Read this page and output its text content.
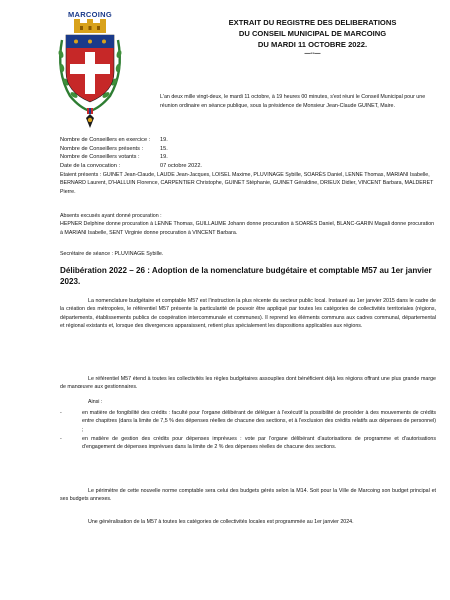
MARCOING
EXTRAIT DU REGISTRE DES DELIBERATIONS
DU CONSEIL MUNICIPAL DE MARCOING
DU MARDI 11 OCTOBRE 2022.
—--—
L'an deux mille vingt-deux, le mardi 11 octobre, à 19 heures 00 minutes, s'est réuni le Conseil Municipal pour une réunion ordinaire en séance publique, sous la présidence de Monsieur Jean-Claude GUINET, Maire.
Nombre de Conseillers en exercice : 19.
Nombre de Conseillers présents :	15.
Nombre de Conseillers votants :	19.
Date de la convocation :	07 octobre 2022.
Etaient présents : GUINET Jean-Claude, LAUDE Jean-Jacques, LOISEL Maxime, PLUVINAGE Sybille, SOARÈS Daniel, LENNE Thomas, MARIANI Isabelle, BERNARD Laurent, D'HALLUIN Florence, CARPENTIER Christophe, GUINET Stéphanie, GUINET Géraldine, DRIEUX Didier, VINCENT Barbara, MALDERET Pierre.
Absents excusés ayant donné procuration :
HEPNER Delphine donne procuration à LENNE Thomas, GUILLAUME Johann donne procuration à SOARÈS Daniel, BLANC-GARIN Magali donne procuration à MARIANI Isabelle, SENT Virginie donne procuration à VINCENT Barbara.
Secrétaire de séance : PLUVINAGE Sybille.
Délibération 2022 – 26 : Adoption de la nomenclature budgétaire et comptable M57 au 1er janvier 2023.
La nomenclature budgétaire et comptable M57 est l'instruction la plus récente du secteur public local. Instauré au 1er janvier 2015 dans le cadre de la création des métropoles, le référentiel M57 présente la particularité de pouvoir être appliqué par toutes les catégories de collectivités territoriales (régions, départements, établissements publics de coopération intercommunale et communes). Il reprend les éléments communs aux cadres communal, départemental et régional existants et, lorsque des divergences apparaissent, retient plus spécialement les dispositions applicables aux régions.
Le référentiel M57 étend à toutes les collectivités les règles budgétaires assouplies dont bénéficient déjà les régions offrant une plus grande marge de manœuvre aux gestionnaires.
Ainsi :
-	en matière de fongibilité des crédits : faculté pour l'organe délibérant de déléguer à l'exécutif la possibilité de procéder à des mouvements de crédits entre chapitres (dans la limite de 7,5 % des dépenses réelles de chacune des sections, et à l'exclusion des crédits relatifs aux dépenses de personnel) ;
-	en matière de gestion des crédits pour dépenses imprévues : vote par l'organe délibérant d'autorisations de programme et d'autorisations d'engagement de dépenses imprévues dans la limite de 2 % des dépenses réelles de chacune des sections.
Le périmètre de cette nouvelle norme comptable sera celui des budgets gérés selon la M14. Soit pour la Ville de Marcoing son budget principal et ses budgets annexes.
Une généralisation de la M57 à toutes les catégories de collectivités locales est programmée au 1er janvier 2024.
